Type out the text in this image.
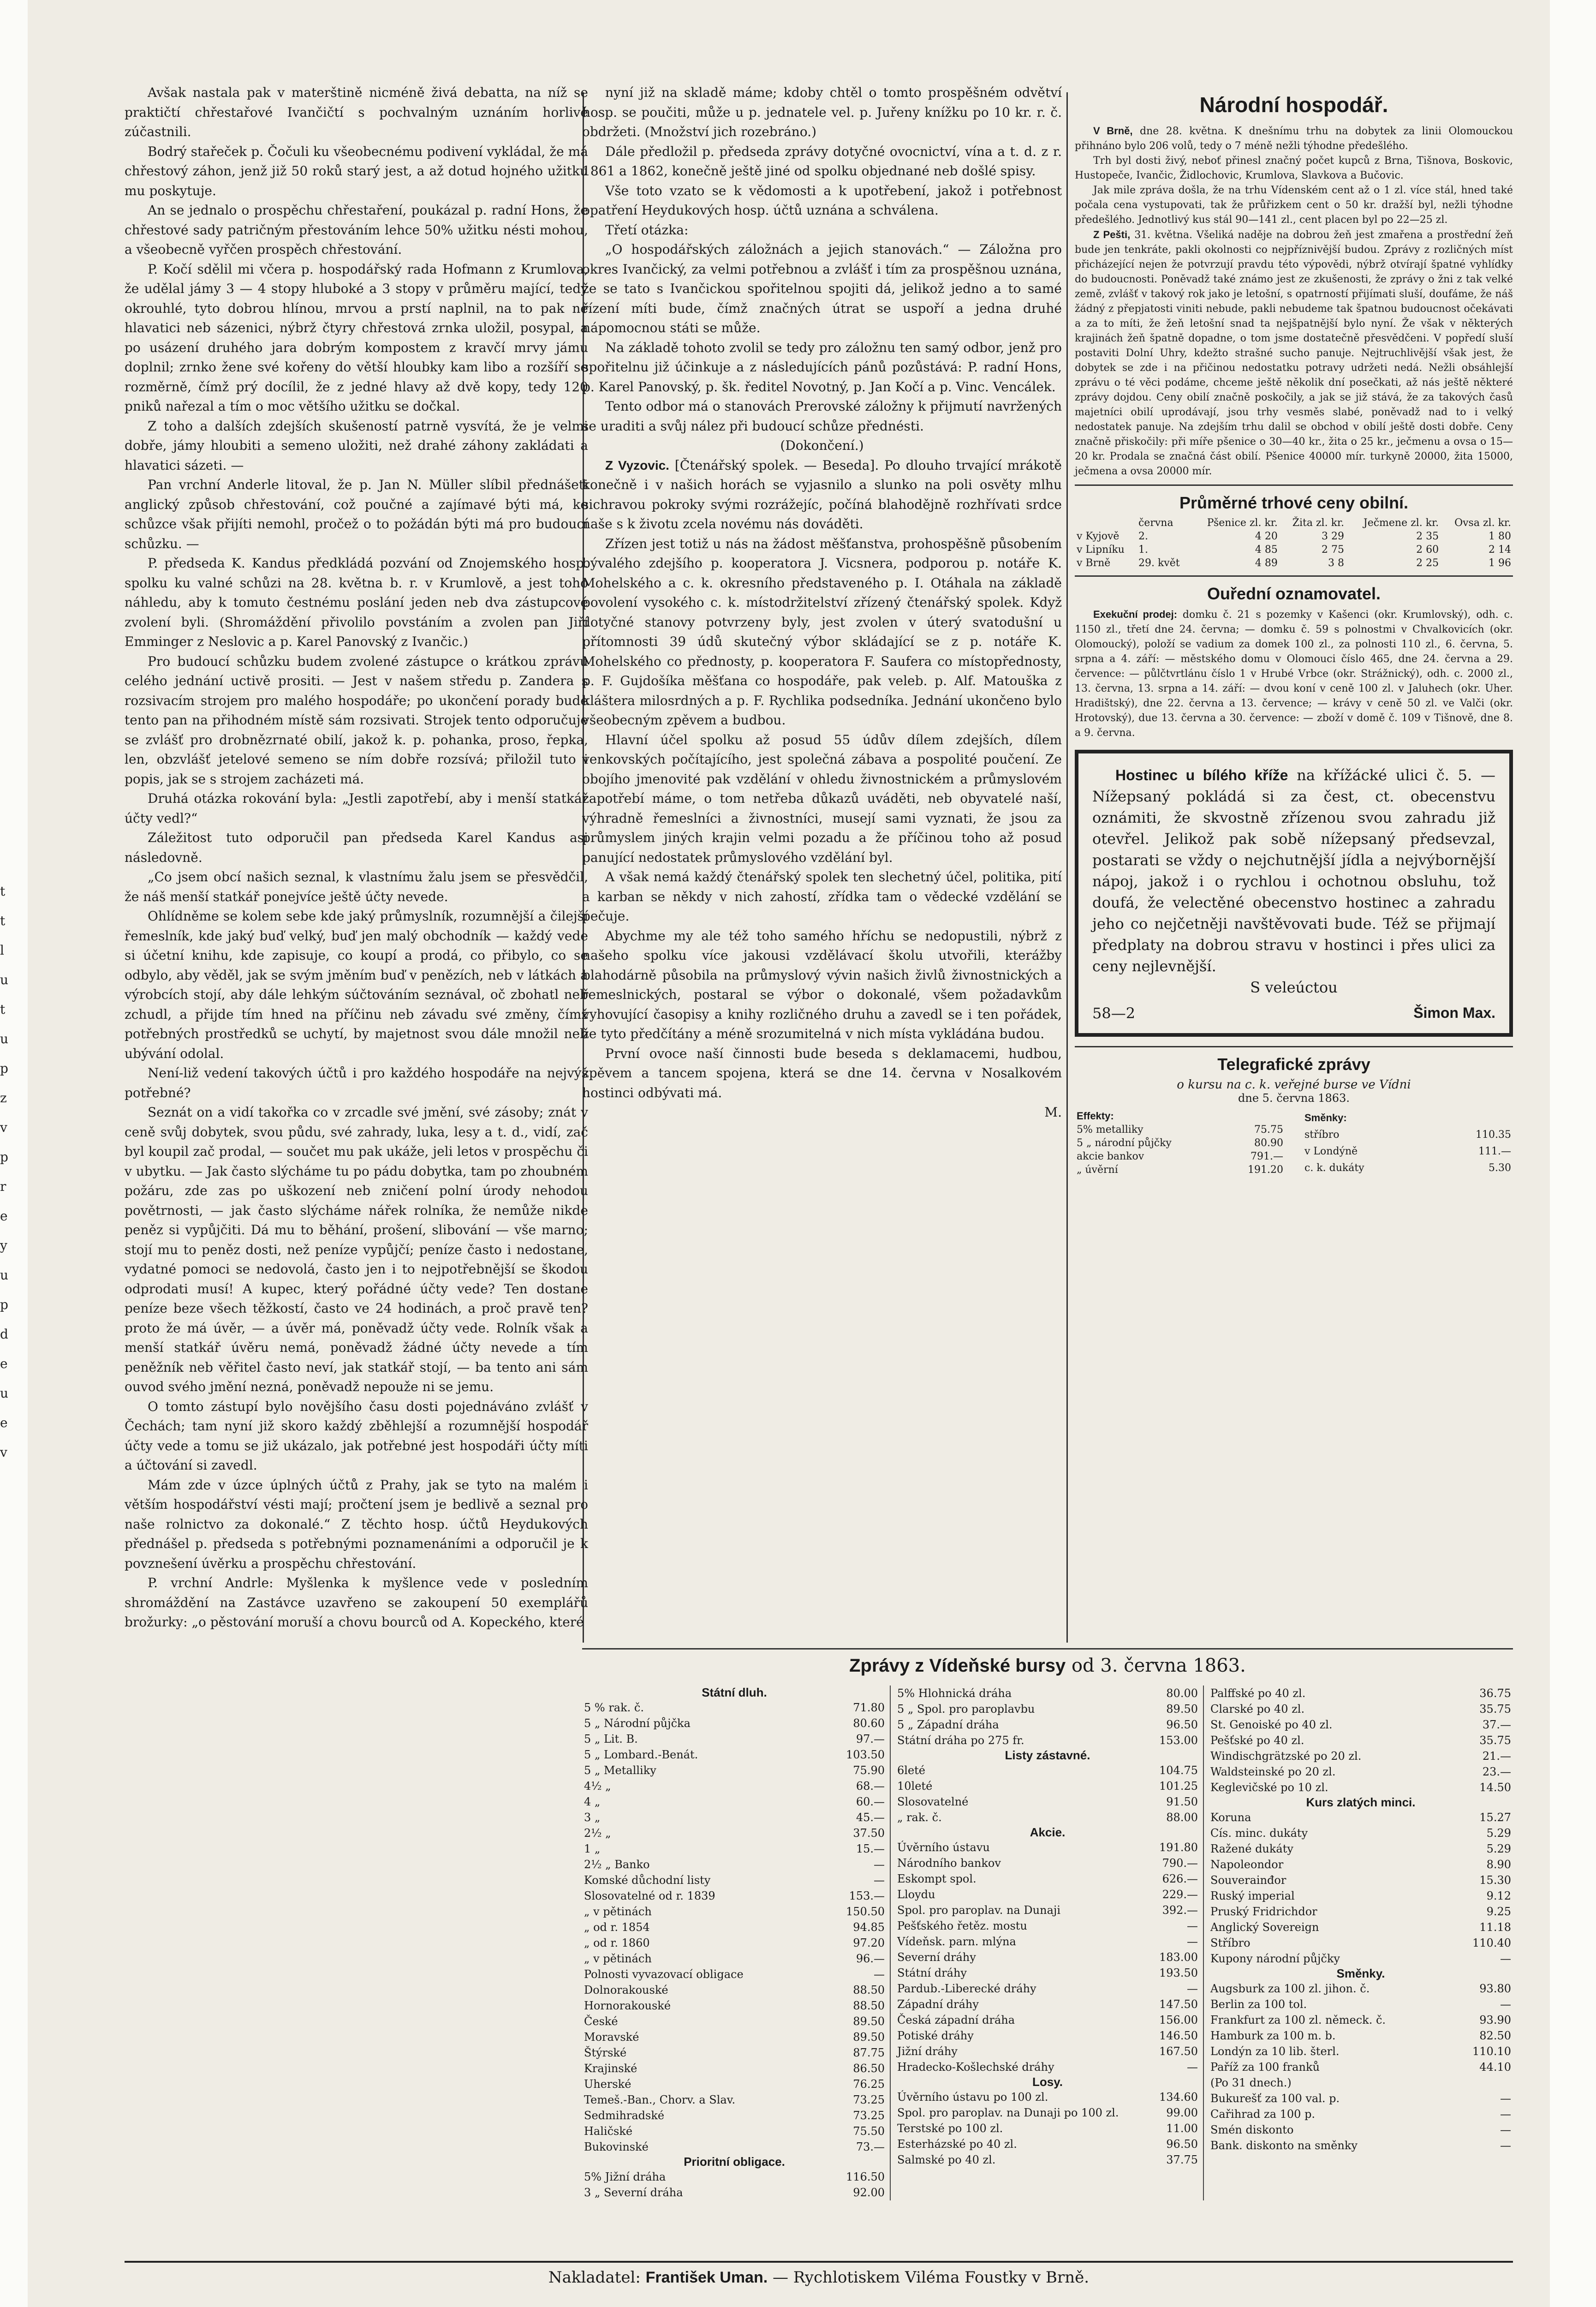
t
t
l
u
t
u
p
z
v
p
r
e
y
u
p
d
e
u
e
v

Avšak nastala pak v materštině nicméně živá debatta, na níž se praktičtí chřestařové Ivančičtí s pochvalným uznáním horlivě zúčastnili.

Bodrý stařeček p. Čočuli ku všeobecnému podivení vykládal, že má chřestový záhon, jenž již 50 roků starý jest, a až dotud hojného užitku mu poskytuje.

An se jednalo o prospěchu chřestaření, poukázal p. radní Hons, že chřestové sady patričným přestováním lehce 50% užitku nésti mohou, a všeobecně vyřčen prospěch chřestování.

P. Kočí sdělil mi včera p. hospodářský rada Hofmann z Krumlova, že udělal jámy 3 — 4 stopy hluboké a 3 stopy v průměru mající, tedy okrouhlé, tyto dobrou hlínou, mrvou a prstí naplnil, na to pak ne hlavatici neb sázenici, nýbrž čtyry chřestová zrnka uložil, posypal, a po usázení druhého jara dobrým kompostem z kravčí mrvy jámu doplnil; zrnko žene své kořeny do větší hloubky kam libo a rozšíří se rozměrně, čímž prý docílil, že z jedné hlavy až dvě kopy, tedy 120 pniků nařezal a tím o moc většího užitku se dočkal.

Z toho a dalších zdejších skušeností patrně vysvítá, že je velmi dobře, jámy hloubiti a semeno uložiti, než drahé záhony zakládati a hlavatici sázeti. —

Pan vrchní Anderle litoval, že p. Jan N. Müller slíbil přednášeti anglický způsob chřestování, což poučné a zajímavé býti má, ke schůzce však přijíti nemohl, pročež o to požádán býti má pro budoucí schůzku. —

P. předseda K. Kandus předkládá pozvání od Znojemského hosp. spolku ku valné schůzi na 28. května b. r. v Krumlově, a jest toho náhledu, aby k tomuto čestnému poslání jeden neb dva zástupcové zvolení byli. (Shromáždění přivolilo povstáním a zvolen pan Jiří Emminger z Neslovic a p. Karel Panovský z Ivančic.)

Pro budoucí schůzku budem zvolené zástupce o krátkou zprávu celého jednání uctivě prositi. — Jest v našem středu p. Zandera s rozsivacím strojem pro malého hospodáře; po ukončení porady bude tento pan na přihodném místě sám rozsivati. Strojek tento odporučuje se zvlášť pro drobnězrnaté obilí, jakož k. p. pohanka, proso, řepka, len, obzvlášť jetelové semeno se ním dobře rozsívá; přiložil tuto i popis, jak se s strojem zacházeti má.

Druhá otázka rokování byla: „Jestli zapotřebí, aby i menší statkář účty vedl?“

Záležitost tuto odporučil pan předseda Karel Kandus asi následovně.

„Co jsem obcí našich seznal, k vlastnímu žalu jsem se přesvědčil, že náš menší statkář ponejvíce ještě účty nevede.

Ohlídněme se kolem sebe kde jaký průmyslník, rozumnější a čilejší řemeslník, kde jaký buď velký, buď jen malý obchodník — každý vede si účetní knihu, kde zapisuje, co koupí a prodá, co přibylo, co se odbylo, aby věděl, jak se svým jměním buď v penězích, neb v látkách a výrobcích stojí, aby dále lehkým súčtováním seznával, oč zbohatl neb zchudl, a přijde tím hned na příčinu neb závadu své změny, čímž potřebných prostředků se uchytí, by majetnost svou dále množil neb ubývání odolal.

Není-liž vedení takových účtů i pro každého hospodáře na nejvýš potřebné?

Seznát on a vidí takořka co v zrcadle své jmění, své zásoby; znát v ceně svůj dobytek, svou půdu, své zahrady, luka, lesy a t. d., vidí, zač byl koupil zač prodal, — součet mu pak ukáže, jeli letos v prospěchu či v ubytku. — Jak často slýcháme tu po pádu dobytka, tam po zhoubném požáru, zde zas po uškození neb zničení polní úrody nehodou povětrnosti, — jak často slýcháme nářek rolníka, že nemůže nikde peněz si vypůjčiti. Dá mu to běhání, prošení, slibování — vše marno; stojí mu to peněz dosti, než peníze vypůjčí; peníze často i nedostane, vydatné pomoci se nedovolá, často jen i to nejpotřebnější se škodou odprodati musí! A kupec, který pořádné účty vede? Ten dostane peníze beze všech těžkostí, často ve 24 hodinách, a proč pravě ten? proto že má úvěr, — a úvěr má, poněvadž účty vede. Rolník však a menší statkář úvěru nemá, poněvadž žádné účty nevede a tím peněžník neb věřitel často neví, jak statkář stojí, — ba tento ani sám ouvod svého jmění nezná, poněvadž nepouže ni se jemu.

O tomto zástupí bylo novějšího času dosti pojednáváno zvlášť v Čechách; tam nyní již skoro každý zběhlejší a rozumnější hospodář účty vede a tomu se již ukázalo, jak potřebné jest hospodáři účty míti a účtování si zavedl.

Mám zde v úzce úplných účtů z Prahy, jak se tyto na malém i větším hospodářství vésti mají; pročtení jsem je bedlivě a seznal pro naše rolnictvo za dokonalé.“ Z těchto hosp. účtů Heydukových přednášel p. předseda s potřebnými poznamenáními a odporučil je k povznešení úvěrku a prospěchu chřestování.

P. vrchní Andrle: Myšlenka k myšlence vede v posledním shromáždění na Zastávce uzavřeno se zakoupení 50 exemplářů brožurky: „o pěstování moruší a chovu bourců od A. Kopeckého, které

nyní již na skladě máme; kdoby chtěl o tomto prospěšném odvětví hosp. se poučiti, může u p. jednatele vel. p. Juřeny knížku po 10 kr. r. č. obdržeti. (Množství jich rozebráno.)

Dále předložil p. předseda zprávy dotyčné ovocnictví, vína a t. d. z r. 1861 a 1862, konečně ještě jiné od spolku objednané neb došlé spisy.

Vše toto vzato se k vědomosti a k upotřebení, jakož i potřebnost opatření Heydukových hosp. účtů uznána a schválena.

Třetí otázka:

„O hospodářských záložnách a jejich stanovách.“ — Záložna pro okres Ivančický, za velmi potřebnou a zvlášť i tím za prospěšnou uznána, že se tato s Ivančickou spořitelnou spojiti dá, jelikož jedno a to samé řízení míti bude, čímž značných útrat se uspoří a jedna druhé nápomocnou státi se může.

Na základě tohoto zvolil se tedy pro záložnu ten samý odbor, jenž pro spořitelnu již účinkuje a z následujících pánů pozůstává: P. radní Hons, p. Karel Panovský, p. šk. ředitel Novotný, p. Jan Kočí a p. Vinc. Vencálek.

Tento odbor má o stanovách Prerovské záložny k přijmutí navržených se uraditi a svůj nález při budoucí schůze přednésti.

(Dokončení.)

Z Vyzovic. [Čtenářský spolek. — Beseda]. Po dlouho trvající mrákotě konečně i v našich horách se vyjasnilo a slunko na poli osvěty mlhu sichravou pokroky svými rozrážejíc, počíná blahodějně rozhřívati srdce naše s k životu zcela novému nás dováděti.

Zřízen jest totiž u nás na žádost měšťanstva, prohospěšně působením bývalého zdejšího p. kooperatora J. Vicsnera, podporou p. notáře K. Mohelského a c. k. okresního představeného p. I. Otáhala na základě povolení vysokého c. k. místodržitelství zřízený čtenářský spolek. Když dotyčné stanovy potvrzeny byly, jest zvolen v úterý svatodušní u přítomnosti 39 údů skutečný výbor skládající se z p. notáře K. Mohelského co přednosty, p. kooperatora F. Saufera co místopřednosty, p. F. Gujdošíka měšťana co hospodáře, pak veleb. p. Alf. Matouška z kláštera milosrdných a p. F. Rychlika podsedníka. Jednání ukončeno bylo všeobecným zpěvem a budbou.

Hlavní účel spolku až posud 55 údův dílem zdejších, dílem venkovských počítajícího, jest společná zábava a pospolité poučení. Ze obojího jmenovité pak vzdělání v ohledu živnostnickém a průmyslovém zapotřebí máme, o tom netřeba důkazů uváděti, neb obyvatelé naší, výhradně řemeslníci a živnostníci, musejí sami vyznati, že jsou za průmyslem jiných krajin velmi pozadu a že příčinou toho až posud panující nedostatek průmyslového vzdělání byl.

A však nemá každý čtenářský spolek ten slechetný účel, politika, pití a karban se někdy v nich zahostí, zřídka tam o vědecké vzdělání se pečuje.

Abychme my ale též toho samého hříchu se nedopustili, nýbrž z našeho spolku více jakousi vzdělávací školu utvořili, kterážby blahodárně působila na průmyslový vývin našich živlů živnostnických a řemeslnických, postaral se výbor o dokonalé, všem požadavkům vyhovující časopisy a knihy rozličného druhu a zavedl se i ten pořádek, že tyto předčítány a méně srozumitelná v nich místa vykládána budou.

První ovoce naší činnosti bude beseda s deklamacemi, hudbou, zpěvem a tancem spojena, která se dne 14. června v Nosalkovém hostinci odbývati má.

M.

Národní hospodář.

V Brně, dne 28. května. K dnešnímu trhu na dobytek za linii Olomouckou přihnáno bylo 206 volů, tedy o 7 méně nežli týhodne předešlého.

Trh byl dosti živý, neboť přinesl značný počet kupců z Brna, Tišnova, Boskovic, Hustopeče, Ivančic, Židlochovic, Krumlova, Slavkova a Bučovic.

Jak mile zpráva došla, že na trhu Vídenském cent až o 1 zl. více stál, hned také počala cena vystupovati, tak že průřizkem cent o 50 kr. dražší byl, nežli týhodne předešlého. Jednotlivý kus stál 90—141 zl., cent placen byl po 22—25 zl.

Z Pešti, 31. května. Všeliká naděje na dobrou žeň jest zmařena a prostřední žeň bude jen tenkráte, pakli okolnosti co nejpříznivější budou. Zprávy z rozličných míst přicházející nejen že potvrzují pravdu této výpovědi, nýbrž otvírají špatné vyhlídky do budoucnosti. Poněvadž také známo jest ze zkušenosti, že zprávy o žni z tak velké země, zvlášť v takový rok jako je letošní, s opatrností přijímati sluší, doufáme, že náš žádný z přepjatosti viniti nebude, pakli nebudeme tak špatnou budoucnost očekávati a za to míti, že žeň letošní snad ta nejšpatnější bylo nyní. Že však v některých krajinách žeň špatně dopadne, o tom jsme dostatečně přesvědčeni. V popředí sluší postaviti Dolní Uhry, kdežto strašné sucho panuje. Nejtruchlivější však jest, že dobytek se zde i na přičinou nedostatku potravy udržeti nedá. Nežli obsáhlejší zprávu o té věci podáme, chceme ještě několik dní posečkati, až nás ještě některé zprávy dojdou. Ceny obilí značně poskočily, a jak se již stává, že za takových časů majetníci obilí uprodávají, jsou trhy vesměs slabé, poněvadž nad to i velký nedostatek panuje. Na zdejším trhu dalil se obchod v obilí ještě dosti dobře. Ceny značně přiskočily: při míře pšenice o 30—40 kr., žita o 25 kr., ječmenu a ovsa o 15—20 kr. Prodala se značná část obilí. Pšenice 40000 mír. turkyně 20000, žita 15000, ječmena a ovsa 20000 mír.

Průměrné trhové ceny obilní.
	června	Pšenice zl. kr.	Žita zl. kr.	Ječmene zl. kr.	Ovsa zl. kr.
v Kyjově	2.	4 20	3 29	2 35	1 80
v Lipníku	1.	4 85	2 75	2 60	2 14
v Brně	29. květ	4 89	3 8	2 25	1 96
Ouřední oznamovatel.

Exekuční prodej: domku č. 21 s pozemky v Kašenci (okr. Krumlovský), odh. c. 1150 zl., třetí dne 24. června; — domku č. 59 s polnostmi v Chvalkovicích (okr. Olomoucký), položí se vadium za domek 100 zl., za polnosti 110 zl., 6. června, 5. srpna a 4. září: — městského domu v Olomouci číslo 465, dne 24. června a 29. července: — půlčtvrtlánu číslo 1 v Hrubé Vrbce (okr. Strážnický), odh. c. 2000 zl., 13. června, 13. srpna a 14. září: — dvou koní v ceně 100 zl. v Jaluhech (okr. Uher. Hradištský), dne 22. června a 13. července; — krávy v ceně 50 zl. ve Valči (okr. Hrotovský), due 13. června a 30. července: — zboží v domě č. 109 v Tišnově, dne 8. a 9. června.

Hostinec u bílého kříže na křížácké ulici č. 5. — Nížepsaný pokládá si za čest, ct. obecenstvu oznámiti, že skvostně zřízenou svou zahradu již otevřel. Jelikož pak sobě nížepsaný předsevzal, postarati se vždy o nejchutnější jídla a nejvýbornější nápoj, jakož i o rychlou i ochotnou obsluhu, tož doufá, že velectěné obecenstvo hostinec a zahradu jeho co nejčetněji navštěvovati bude. Též se přijmají předplaty na dobrou stravu v hostinci i přes ulici za ceny nejlevnější.

S veleúctou

58—2	Šimon Max.
Telegrafické zprávy

o kursu na c. k. veřejné burse ve Vídni

dne 5. června 1863.

Effekty:	
5% metalliky	75.75
5 „ národní půjčky	80.90
akcie bankov	791.—
„ úvěrní	191.20
Směnky:	
stříbro	110.35
v Londýně	111.—
c. k. dukáty	5.30
Zprávy z Vídeňské bursy od 3. června 1863.
Státní dluh.
5 % rak. č.	71.80
5 „ Národní půjčka	80.60
5 „ Lit. B.	97.—
5 „ Lombard.-Benát.	103.50
5 „ Metalliky	75.90
4½ „	68.—
4 „	60.—
3 „	45.—
2½ „	37.50
1 „	15.—
2½ „ Banko	—
Komské důchodní listy	—
Slosovatelné od r. 1839	153.—
„ v pětinách	150.50
„ od r. 1854	94.85
„ od r. 1860	97.20
„ v pětinách	96.—
Polnosti vyvazovací obligace	—
Dolnorakouské	88.50
Hornorakouské	88.50
České	89.50
Moravské	89.50
Štýrské	87.75
Krajinské	86.50
Uherské	76.25
Temeš.-Ban., Chorv. a Slav.	73.25
Sedmihradské	73.25
Haličské	75.50
Bukovinské	73.—
Prioritní obligace.
5% Jižní dráha	116.50
3 „ Severní dráha	92.00
5% Hlohnická dráha	80.00
5 „ Spol. pro paroplavbu	89.50
5 „ Západní dráha	96.50
Státní dráha po 275 fr.	153.00
Listy zástavné.
6leté	104.75
10leté	101.25
Slosovatelné	91.50
„ rak. č.	88.00
Akcie.
Úvěrního ústavu	191.80
Národního bankov	790.—
Eskompt spol.	626.—
Lloydu	229.—
Spol. pro paroplav. na Dunaji	392.—
Pešťského řetěz. mostu	—
Vídeňsk. parn. mlýna	—
Severní dráhy	183.00
Státní dráhy	193.50
Pardub.-Liberecké dráhy	—
Západní dráhy	147.50
Česká západní dráha	156.00
Potiské dráhy	146.50
Jižní dráhy	167.50
Hradecko-Košlechské dráhy	—
Losy.
Úvěrního ústavu po 100 zl.	134.60
Spol. pro paroplav. na Dunaji po 100 zl.	99.00
Terstské po 100 zl.	11.00
Esterházské po 40 zl.	96.50
Salmské po 40 zl.	37.75
Palffské po 40 zl.	36.75
Clarské po 40 zl.	35.75
St. Genoiské po 40 zl.	37.—
Pešťské po 40 zl.	35.75
Windischgrätzské po 20 zl.	21.—
Waldsteinské po 20 zl.	23.—
Keglevičské po 10 zl.	14.50
Kurs zlatých minci.
Koruna	15.27
Cís. minc. dukáty	5.29
Ražené dukáty	5.29
Napoleondor	8.90
Souverainđor	15.30
Ruský imperial	9.12
Pruský Fridrichdor	9.25
Anglický Sovereign	11.18
Stříbro	110.40
Kupony národní půjčky	—
Směnky.
Augsburk za 100 zl. jihon. č.	93.80
Berlin za 100 tol.	—
Frankfurt za 100 zl. německ. č.	93.90
Hamburk za 100 m. b.	82.50
Londýn za 10 lib. šterl.	110.10
Paříž za 100 franků	44.10
(Po 31 dnech.)	
Bukurešť za 100 val. p.	—
Cařihrad za 100 p.	—
Smén diskonto	—
Bank. diskonto na směnky	—
Nakladatel: František Uman. — Rychlotiskem Viléma Foustky v Brně.
